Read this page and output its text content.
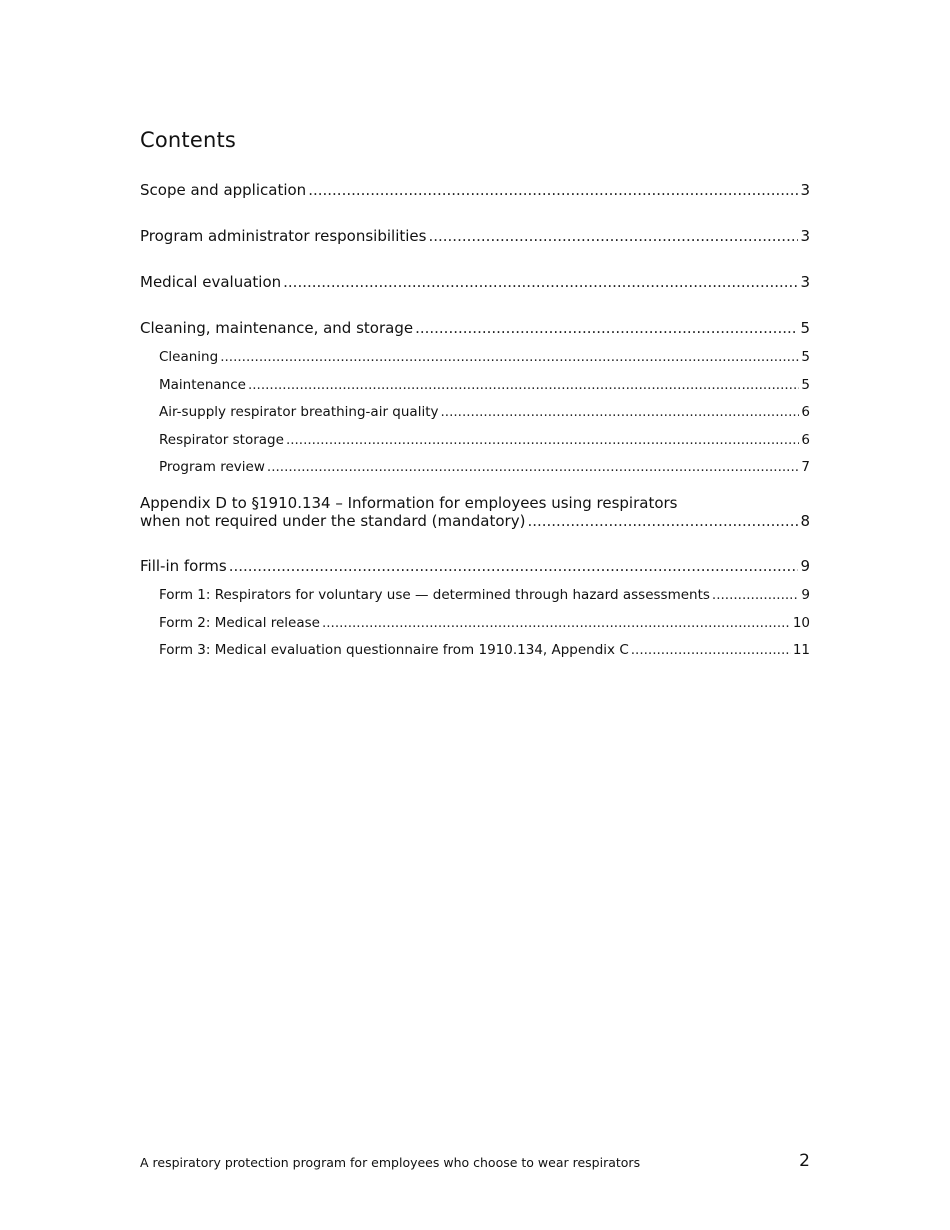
Contents
Scope and application .....	3
Program administrator responsibilities .....	3
Medical evaluation .....	3
Cleaning, maintenance, and storage .....	5
Cleaning .....	5
Maintenance .....	5
Air-supply respirator breathing-air quality .....	6
Respirator storage .....	6
Program review .....	7
Appendix D to §1910.134 – Information for employees using respirators
when not required under the standard (mandatory) .....	8
Fill-in forms .....	9
Form 1: Respirators for voluntary use — determined through hazard assessments .....	9
Form 2: Medical release .....	10
Form 3: Medical evaluation questionnaire from 1910.134, Appendix C .....	11
A respiratory protection program for employees who choose to wear respirators	2
